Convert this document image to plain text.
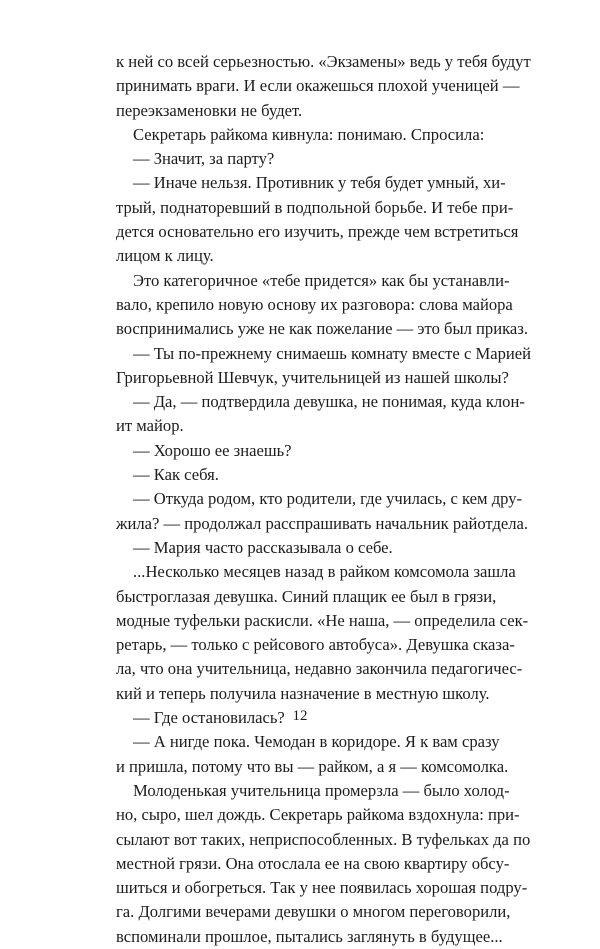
к ней со всей серьезностью. «Экзамены» ведь у тебя будут
принимать враги. И если окажешься плохой ученицей —
переэкзаменовки не будет.
Секретарь райкома кивнула: понимаю. Спросила:
— Значит, за парту?
— Иначе нельзя. Противник у тебя будет умный, хи-
трый, поднаторевший в подпольной борьбе. И тебе при-
дется основательно его изучить, прежде чем встретиться
лицом к лицу.
Это категоричное «тебе придется» как бы устанавли-
вало, крепило новую основу их разговора: слова майора
воспринимались уже не как пожелание — это был приказ.
— Ты по-прежнему снимаешь комнату вместе с Марией
Григорьевной Шевчук, учительницей из нашей школы?
— Да, — подтвердила девушка, не понимая, куда клон-
ит майор.
— Хорошо ее знаешь?
— Как себя.
— Откуда родом, кто родители, где училась, с кем дру-
жила? — продолжал расспрашивать начальник райотдела.
— Мария часто рассказывала о себе.
...Несколько месяцев назад в райком комсомола зашла
быстроглазая девушка. Синий плащик ее был в грязи,
модные туфельки раскисли. «Не наша, — определила сек-
ретарь, — только с рейсового автобуса». Девушка сказа-
ла, что она учительница, недавно закончила педагогичес-
кий и теперь получила назначение в местную школу.
— Где остановилась?
— А нигде пока. Чемодан в коридоре. Я к вам сразу
и пришла, потому что вы — райком, а я — комсомолка.
Молоденькая учительница промерзла — было холод-
но, сыро, шел дождь. Секретарь райкома вздохнула: при-
сылают вот таких, неприспособленных. В туфельках да по
местной грязи. Она отослала ее на свою квартиру обсу-
шиться и обогреться. Так у нее появилась хорошая подру-
га. Долгими вечерами девушки о многом переговорили,
вспоминали прошлое, пытались заглянуть в будущее...
12
